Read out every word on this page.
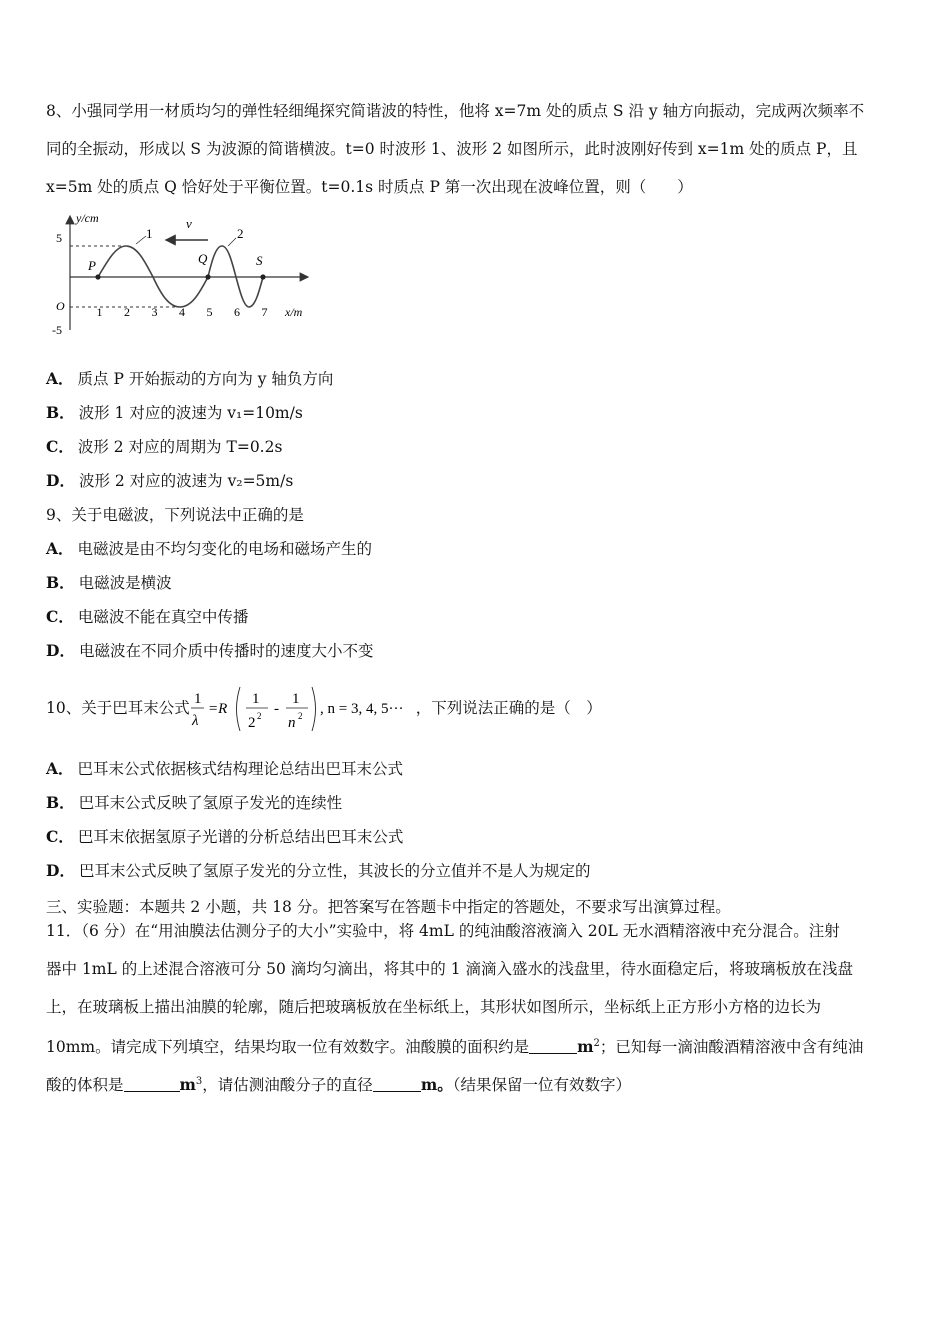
8、小强同学用一材质均匀的弹性轻细绳探究简谐波的特性，他将 x=7m 处的质点 S 沿 y 轴方向振动，完成两次频率不
同的全振动，形成以 S 为波源的简谐横波。t=0 时波形 1、波形 2 如图所示，此时波刚好传到 x=1m 处的质点 P，且
x=5m 处的质点 Q 恰好处于平衡位置。t=0.1s 时质点 P 第一次出现在波峰位置，则（　　）
y/cm
x/m
5
-5
O	1 2 3 4 5 6 7
1	2
v
P	Q	S
A． 质点 P 开始振动的方向为 y 轴负方向
B． 波形 1 对应的波速为 v₁=10m/s
C． 波形 2 对应的周期为 T=0.2s
D． 波形 2 对应的波速为 v₂=5m/s
9、关于电磁波，下列说法中正确的是
A． 电磁波是由不均匀变化的电场和磁场产生的
B． 电磁波是横波
C． 电磁波不能在真空中传播
D． 电磁波在不同介质中传播时的速度大小不变
10、关于巴耳末公式 1
λ
=R
1
2 2 -
1
n 2 , n = 3, 4, 5··· ，下列说法正确的是（　）
A． 巴耳末公式依据核式结构理论总结出巴耳末公式
B． 巴耳末公式反映了氢原子发光的连续性
C． 巴耳末依据氢原子光谱的分析总结出巴耳末公式
D． 巴耳末公式反映了氢原子发光的分立性，其波长的分立值并不是人为规定的
三、实验题：本题共 2 小题，共 18 分。把答案写在答题卡中指定的答题处，不要求写出演算过程。
11．（6 分）在“用油膜法估测分子的大小”实验中，将 4mL 的纯油酸溶液滴入 20L 无水酒精溶液中充分混合。注射
器中 1mL 的上述混合溶液可分 50 滴均匀滴出，将其中的 1 滴滴入盛水的浅盘里，待水面稳定后，将玻璃板放在浅盘
上，在玻璃板上描出油膜的轮廓，随后把玻璃板放在坐标纸上，其形状如图所示，坐标纸上正方形小方格的边长为
10mm。请完成下列填空，结果均取一位有效数字。油酸膜的面积约是	$m^2$；已知每一滴油酸酒精溶液中含有纯油
酸的体积是	$m^3$，请估测油酸分子的直径	m。（结果保留一位有效数字）
